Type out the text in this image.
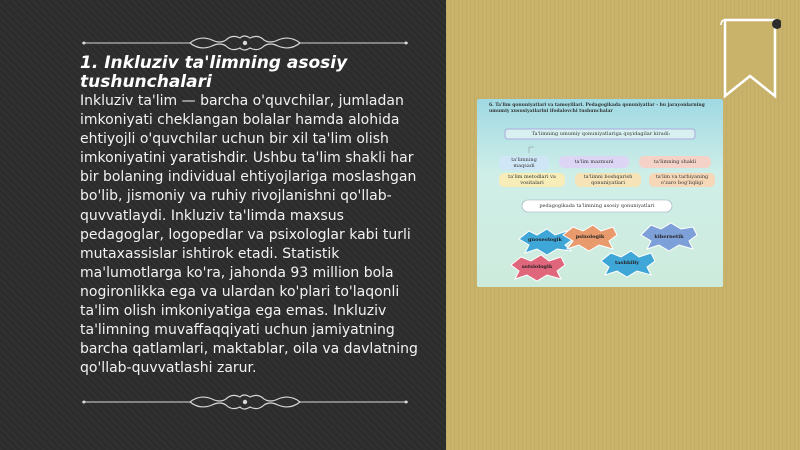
1. Inkluziv ta'limning asosiy tushunchalari

Inkluziv ta'lim — barcha o'quvchilar, jumladan imkoniyati cheklangan bolalar hamda alohida ehtiyojli o'quvchilar uchun bir xil ta'lim olish imkoniyatini yaratishdir. Ushbu ta'lim shakli har bir bolaning individual ehtiyojlariga moslashgan bo'lib, jismoniy va ruhiy rivojlanishni qo'llab-quvvatlaydi. Inkluziv ta'limda maxsus pedagoglar, logopedlar va psixologlar kabi turli mutaxassislar ishtirok etadi. Statistik ma'lumotlarga ko'ra, jahonda 93 million bola nogironlikka ega va ulardan ko'plari to'laqonli ta'lim olish imkoniyatiga ega emas. Inkluziv ta'limning muvaffaqqiyati uchun jamiyatning barcha qatlamlari, maktablar, oila va davlatning qo'llab-quvvatlashi zarur.

6. Ta'lim qonuniyatlari va tamoyillari. Pedagogikada qonuniyatlar - bu jarayonlarning umumiy xususiyatlarini ifodalovchi tushunchalar
Ta'limning umumiy qonuniyatlariga quyidagilar kiradi:
ta'limning maqsadi
ta'lim mazmuni	ta'limning shakli
ta'lim metodlari va vositalari
ta'limni boshqarish qonuniyatlari
ta'lim va tarbiyaning o'zaro bog'liqligi
pedagogikada ta'limning asosiy qonuniyatlari
gnoseologik	psixologik	kibernetik
sotsiologik
tashkiliy
